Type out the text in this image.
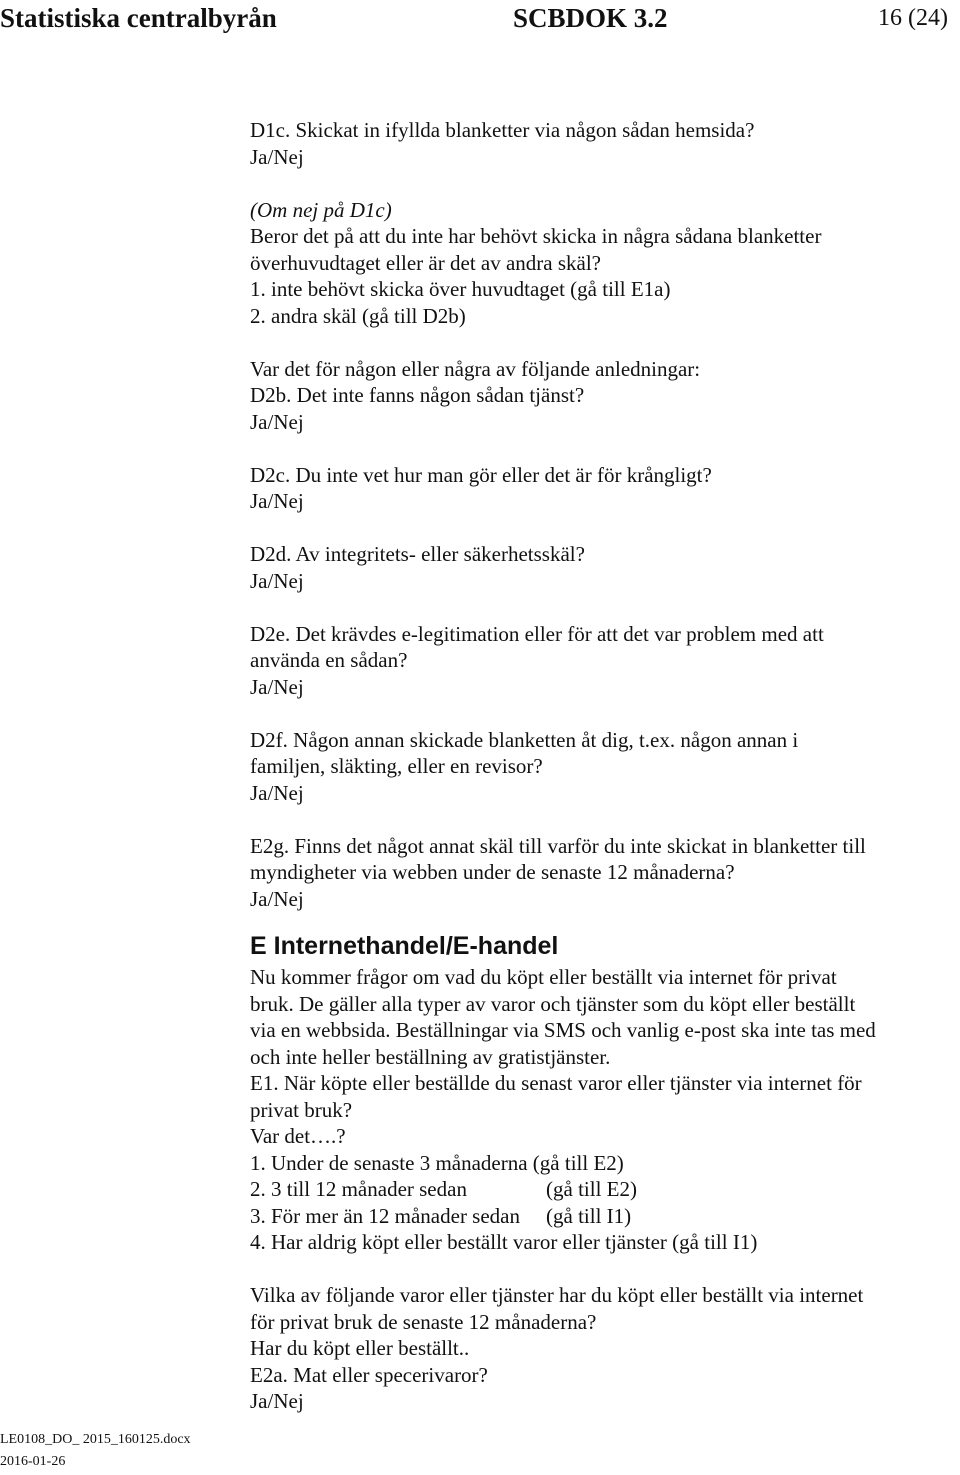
Statistiska centralbyrån	SCBDOK 3.2	16 (24)
D1c. Skickat in ifyllda blanketter via någon sådan hemsida?
Ja/Nej
(Om nej på D1c)
Beror det på att du inte har behövt skicka in några sådana blanketter
överhuvudtaget eller är det av andra skäl?
1. inte behövt skicka över huvudtaget (gå till E1a)
2. andra skäl (gå till D2b)
Var det för någon eller några av följande anledningar:
D2b. Det inte fanns någon sådan tjänst?
Ja/Nej
D2c. Du inte vet hur man gör eller det är för krångligt?
Ja/Nej
D2d. Av integritets- eller säkerhetsskäl?
Ja/Nej
D2e. Det krävdes e-legitimation eller för att det var problem med att
använda en sådan?
Ja/Nej
D2f. Någon annan skickade blanketten åt dig, t.ex. någon annan i
familjen, släkting, eller en revisor?
Ja/Nej
E2g. Finns det något annat skäl till varför du inte skickat in blanketter till
myndigheter via webben under de senaste 12 månaderna?
Ja/Nej
E Internethandel/E-handel
Nu kommer frågor om vad du köpt eller beställt via internet för privat
bruk. De gäller alla typer av varor och tjänster som du köpt eller beställt
via en webbsida. Beställningar via SMS och vanlig e-post ska inte tas med
och inte heller beställning av gratistjänster.
E1. När köpte eller beställde du senast varor eller tjänster via internet för
privat bruk?
Var det….?
1. Under de senaste 3 månaderna (gå till E2)
2. 3 till 12 månader sedan	(gå till E2)
3. För mer än 12 månader sedan	(gå till I1)
4. Har aldrig köpt eller beställt varor eller tjänster (gå till I1)
Vilka av följande varor eller tjänster har du köpt eller beställt via internet
för privat bruk de senaste 12 månaderna?
Har du köpt eller beställt..
E2a. Mat eller specerivaror?
Ja/Nej
LE0108_DO_ 2015_160125.docx
2016-01-26
